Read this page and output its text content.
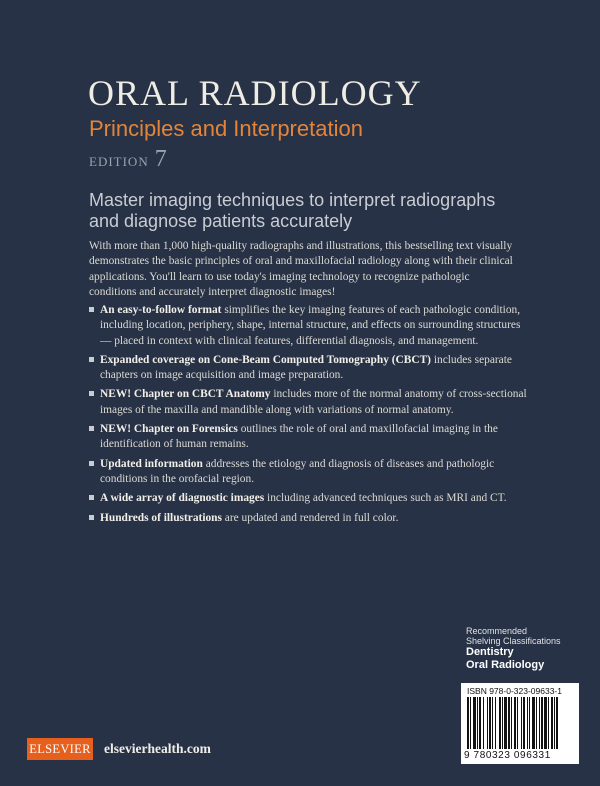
ORAL RADIOLOGY
Principles and Interpretation
EDITION 7
Master imaging techniques to interpret radiographs and diagnose patients accurately
With more than 1,000 high-quality radiographs and illustrations, this bestselling text visually demonstrates the basic principles of oral and maxillofacial radiology along with their clinical applications. You'll learn to use today's imaging technology to recognize pathologic conditions and accurately interpret diagnostic images!
An easy-to-follow format simplifies the key imaging features of each pathologic condition, including location, periphery, shape, internal structure, and effects on surrounding structures — placed in context with clinical features, differential diagnosis, and management.
Expanded coverage on Cone-Beam Computed Tomography (CBCT) includes separate chapters on image acquisition and image preparation.
NEW! Chapter on CBCT Anatomy includes more of the normal anatomy of cross-sectional images of the maxilla and mandible along with variations of normal anatomy.
NEW! Chapter on Forensics outlines the role of oral and maxillofacial imaging in the identification of human remains.
Updated information addresses the etiology and diagnosis of diseases and pathologic conditions in the orofacial region.
A wide array of diagnostic images including advanced techniques such as MRI and CT.
Hundreds of illustrations are updated and rendered in full color.
Recommended
Shelving Classifications
Dentistry
Oral Radiology
ISBN 978-0-323-09633-1
9 780323 096331
ELSEVIER elsevierhealth.com
